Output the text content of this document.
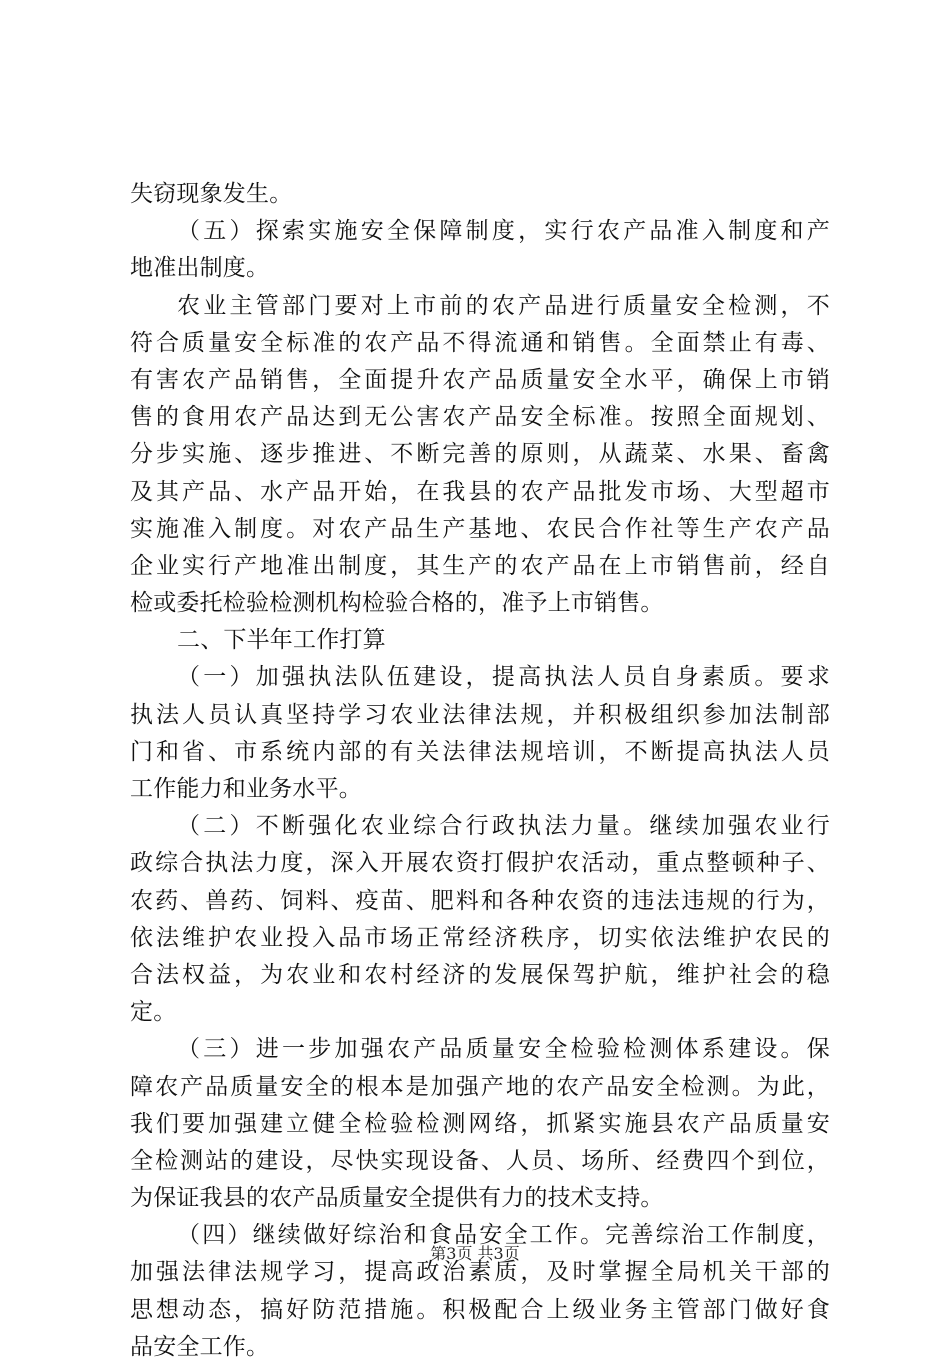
失窃现象发生。
（五）探索实施安全保障制度，实行农产品准入制度和产
地准出制度。
农业主管部门要对上市前的农产品进行质量安全检测，不
符合质量安全标准的农产品不得流通和销售。全面禁止有毒、
有害农产品销售，全面提升农产品质量安全水平，确保上市销
售的食用农产品达到无公害农产品安全标准。按照全面规划、
分步实施、逐步推进、不断完善的原则，从蔬菜、水果、畜禽
及其产品、水产品开始，在我县的农产品批发市场、大型超市
实施准入制度。对农产品生产基地、农民合作社等生产农产品
企业实行产地准出制度，其生产的农产品在上市销售前，经自
检或委托检验检测机构检验合格的，准予上市销售。
二、下半年工作打算
（一）加强执法队伍建设，提高执法人员自身素质。要求
执法人员认真坚持学习农业法律法规，并积极组织参加法制部
门和省、市系统内部的有关法律法规培训，不断提高执法人员
工作能力和业务水平。
（二）不断强化农业综合行政执法力量。继续加强农业行
政综合执法力度，深入开展农资打假护农活动，重点整顿种子、
农药、兽药、饲料、疫苗、肥料和各种农资的违法违规的行为，
依法维护农业投入品市场正常经济秩序，切实依法维护农民的
合法权益，为农业和农村经济的发展保驾护航，维护社会的稳
定。
（三）进一步加强农产品质量安全检验检测体系建设。保
障农产品质量安全的根本是加强产地的农产品安全检测。为此，
我们要加强建立健全检验检测网络，抓紧实施县农产品质量安
全检测站的建设，尽快实现设备、人员、场所、经费四个到位，
为保证我县的农产品质量安全提供有力的技术支持。
（四）继续做好综治和食品安全工作。完善综治工作制度，
加强法律法规学习，提高政治素质，及时掌握全局机关干部的
思想动态，搞好防范措施。积极配合上级业务主管部门做好食
品安全工作。
第3页 共3页
